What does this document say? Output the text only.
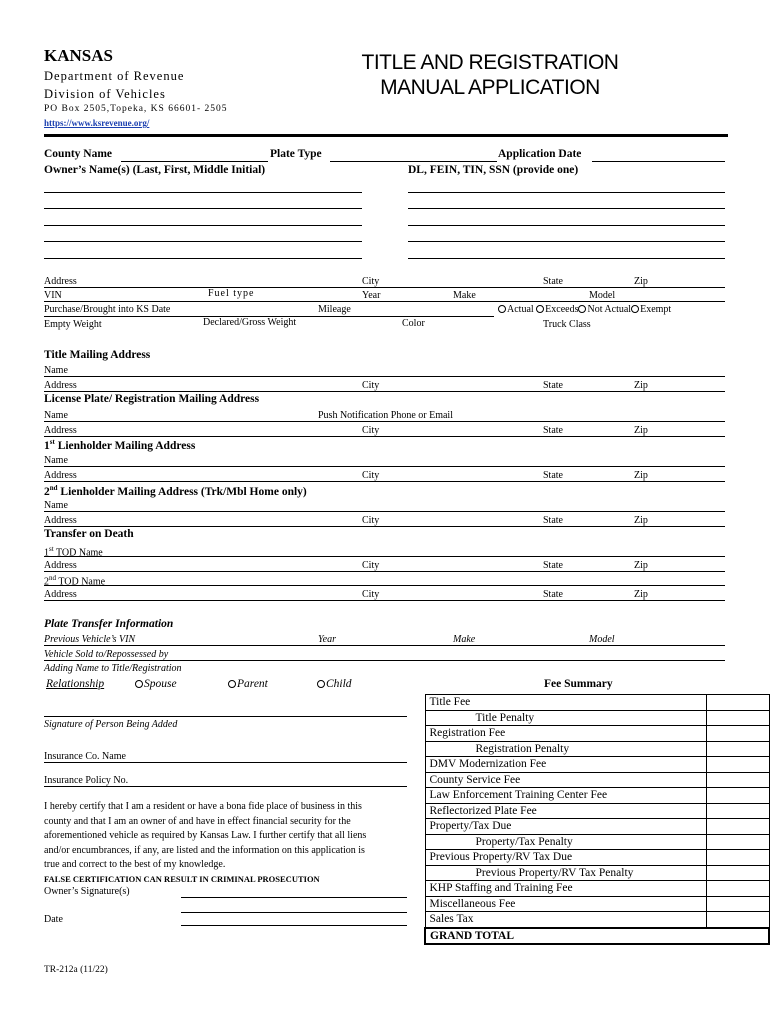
KANSAS
Department of Revenue
Division of Vehicles
PO Box 2505,Topeka, KS 66601- 2505
https://www.ksrevenue.org/
TITLE AND REGISTRATION
MANUAL APPLICATION
County Name	Plate Type	Application Date
Owner’s Name(s) (Last, First, Middle Initial)	DL, FEIN, TIN, SSN (provide one)
Address	City	State	Zip
VIN	Fuel type	Year	Make	Model
Purchase/Brought into KS Date	Mileage	Actual Exceeds Not Actual Exempt
Empty Weight	Declared/Gross Weight	Color	Truck Class
Title Mailing Address
Name
Address	City	State	Zip
License Plate/ Registration Mailing Address
Name	Push Notification Phone or Email
Address	City	State	Zip
1st Lienholder Mailing Address
Name
Address	City	State	Zip
2nd Lienholder Mailing Address (Trk/Mbl Home only)
Name
Address	City	State	Zip
Transfer on Death
1st TOD Name
Address	City	State	Zip
2nd TOD Name
Address	City	State	Zip
Plate Transfer Information
Previous Vehicle’s VIN	Year	Make	Model
Vehicle Sold to/Repossessed by
Adding Name to Title/Registration
Relationship	Spouse	Parent	Child
Signature of Person Being Added
Insurance Co. Name
Insurance Policy No.
I hereby certify that I am a resident or have a bona fide place of business in this
county and that I am an owner of and have in effect financial security for the
aforementioned vehicle as required by Kansas Law. I further certify that all liens
and/or encumbrances, if any, are listed and the information on this application is
true and correct to the best of my knowledge.
FALSE CERTIFICATION CAN RESULT IN CRIMINAL PROSECUTION
Owner’s Signature(s)
Date
Fee Summary
Title Fee	
Title Penalty	
Registration Fee	
Registration Penalty	
DMV Modernization Fee	
County Service Fee	
Law Enforcement Training Center Fee	
Reflectorized Plate Fee	
Property/Tax Due	
Property/Tax Penalty	
Previous Property/RV Tax Due	
Previous Property/RV Tax Penalty	
KHP Staffing and Training Fee	
Miscellaneous Fee	
Sales Tax	
GRAND TOTAL	
TR-212a (11/22)
